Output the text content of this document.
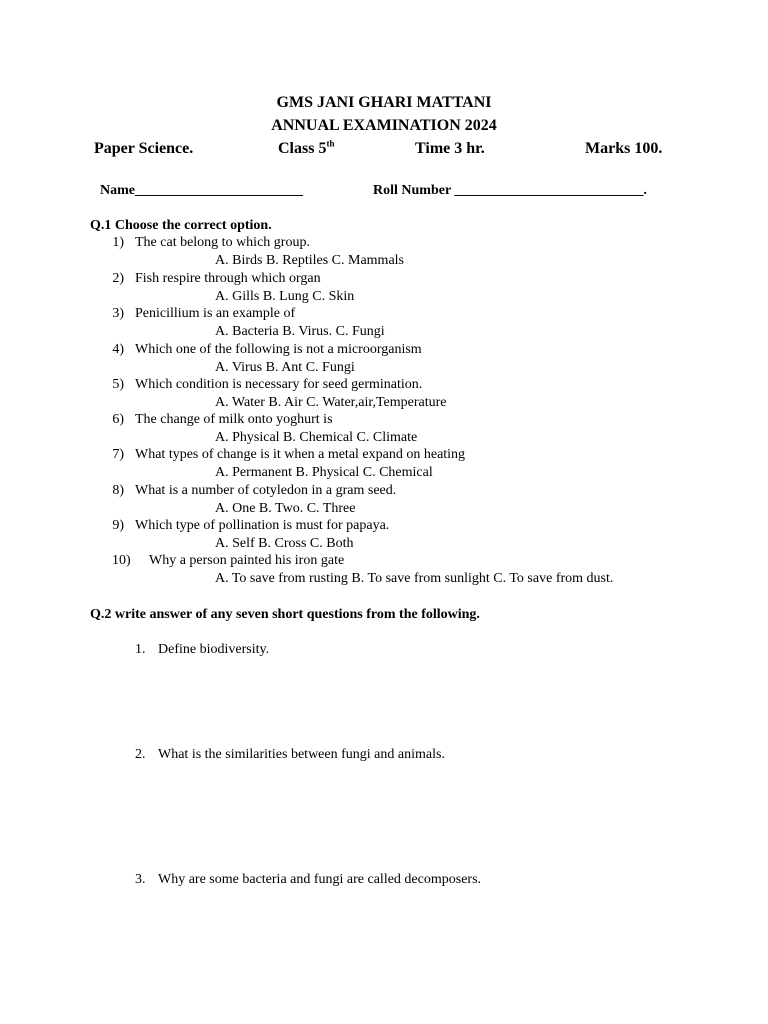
GMS JANI GHARI MATTANI
ANNUAL EXAMINATION 2024
Paper Science.	Class 5th	Time 3 hr.	Marks 100.
Name________________________	Roll Number ___________________________.
Q.1 Choose the correct option.
1) The cat belong to which group.
A. Birds B. Reptiles C. Mammals
2) Fish respire through which organ
A. Gills B. Lung C. Skin
3) Penicillium is an example of
A. Bacteria B. Virus. C. Fungi
4) Which one of the following is not a microorganism
A. Virus B. Ant C. Fungi
5) Which condition is necessary for seed germination.
A. Water B. Air C. Water,air,Temperature
6) The change of milk onto yoghurt is
A. Physical B. Chemical C. Climate
7) What types of change is it when a metal expand on heating
A. Permanent B. Physical C. Chemical
8) What is a number of cotyledon in a gram seed.
A. One B. Two. C. Three
9) Which type of pollination is must for papaya.
A. Self B. Cross C. Both
10) Why a person painted his iron gate
A. To save from rusting B. To save from sunlight C. To save from dust.
Q.2 write answer of any seven short questions from the following.
1. Define biodiversity.
2. What is the similarities between fungi and animals.
3. Why are some bacteria and fungi are called decomposers.
